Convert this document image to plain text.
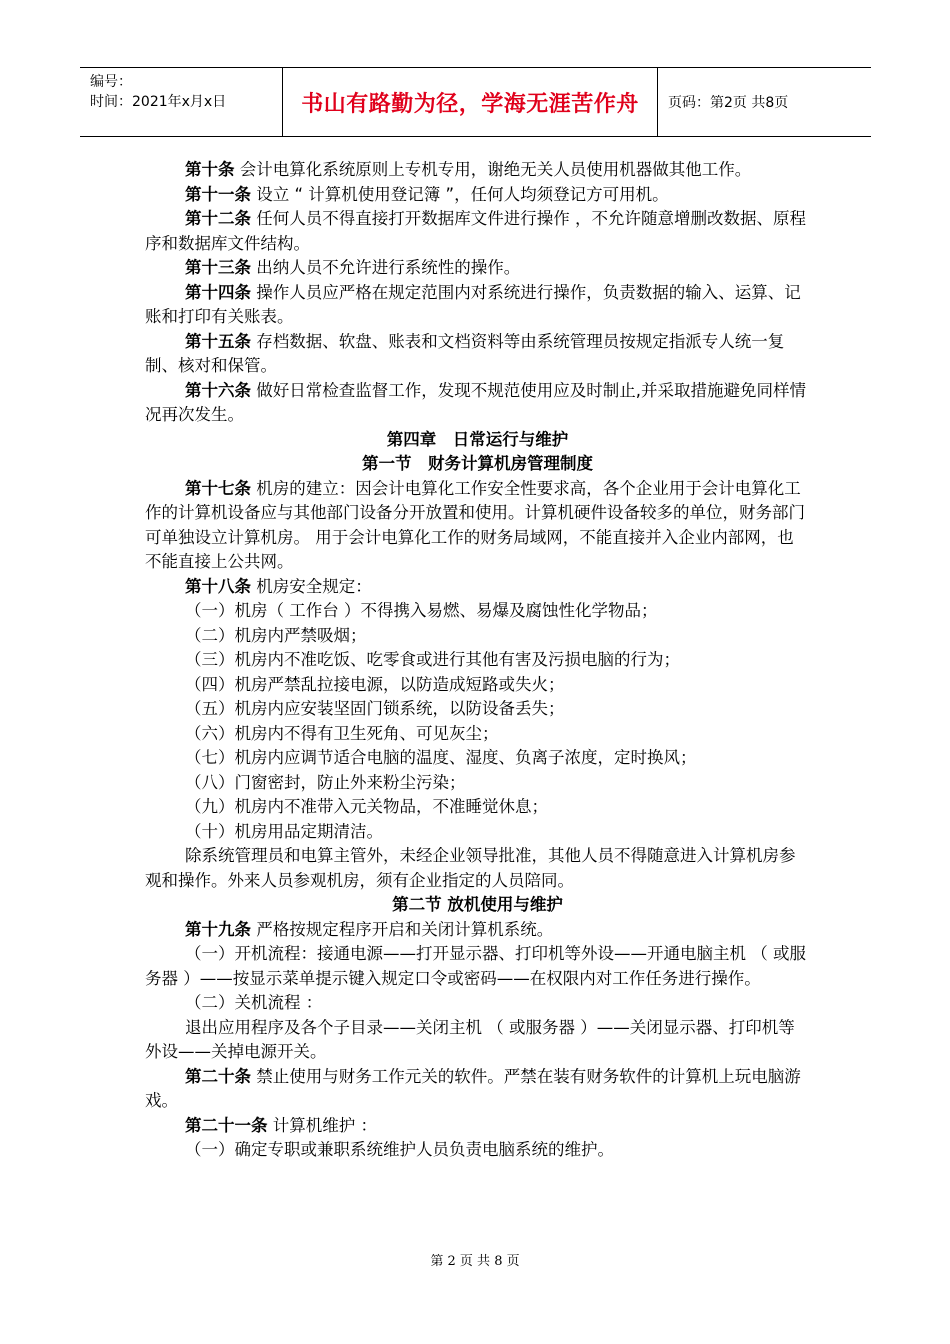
编号：
时间：2021年x月x日	书山有路勤为径，学海无涯苦作舟	页码：第2页 共8页

第十条 会计电算化系统原则上专机专用，谢绝无关人员使用机器做其他工作。

第十一条 设立 “ 计算机使用登记簿 ”，任何人均须登记方可用机。

第十二条 任何人员不得直接打开数据库文件进行操作 ，不允许随意增删改数据、原程序和数据库文件结构。

第十三条 出纳人员不允许进行系统性的操作。

第十四条 操作人员应严格在规定范围内对系统进行操作，负责数据的输入、运算、记账和打印有关账表。

第十五条 存档数据、软盘、账表和文档资料等由系统管理员按规定指派专人统一复制、核对和保管。

第十六条 做好日常检查监督工作，发现不规范使用应及时制止,并采取措施避免同样情况再次发生。

第四章　日常运行与维护

第一节　财务计算机房管理制度

第十七条 机房的建立：因会计电算化工作安全性要求高，各个企业用于会计电算化工作的计算机设备应与其他部门设备分开放置和使用。计算机硬件设备较多的单位，财务部门可单独设立计算机房。 用于会计电算化工作的财务局域网，不能直接并入企业内部网，也不能直接上公共网。

第十八条 机房安全规定：

（一）机房（ 工作台 ）不得携入易燃、易爆及腐蚀性化学物品；

（二）机房内严禁吸烟；

（三）机房内不准吃饭、吃零食或进行其他有害及污损电脑的行为；

（四）机房严禁乱拉接电源，以防造成短路或失火；

（五）机房内应安装坚固门锁系统，以防设备丢失；

（六）机房内不得有卫生死角、可见灰尘；

（七）机房内应调节适合电脑的温度、湿度、负离子浓度，定时换风；

（八）门窗密封，防止外来粉尘污染；

（九）机房内不准带入元关物品，不准睡觉休息；

（十）机房用品定期清洁。

除系统管理员和电算主管外，未经企业领导批准，其他人员不得随意进入计算机房参观和操作。外来人员参观机房，须有企业指定的人员陪同。

第二节 放机使用与维护

第十九条 严格按规定程序开启和关闭计算机系统。

（一）开机流程：接通电源——打开显示器、打印机等外设——开通电脑主机 （ 或服务器 ）——按显示菜单提示键入规定口令或密码——在权限内对工作任务进行操作。

（二）关机流程 ：

退出应用程序及各个子目录——关闭主机 （ 或服务器 ）——关闭显示器、打印机等外设——关掉电源开关。

第二十条 禁止使用与财务工作元关的软件。严禁在装有财务软件的计算机上玩电脑游戏。

第二十一条 计算机维护 ：

（一）确定专职或兼职系统维护人员负责电脑系统的维护。

第 2 页 共 8 页
